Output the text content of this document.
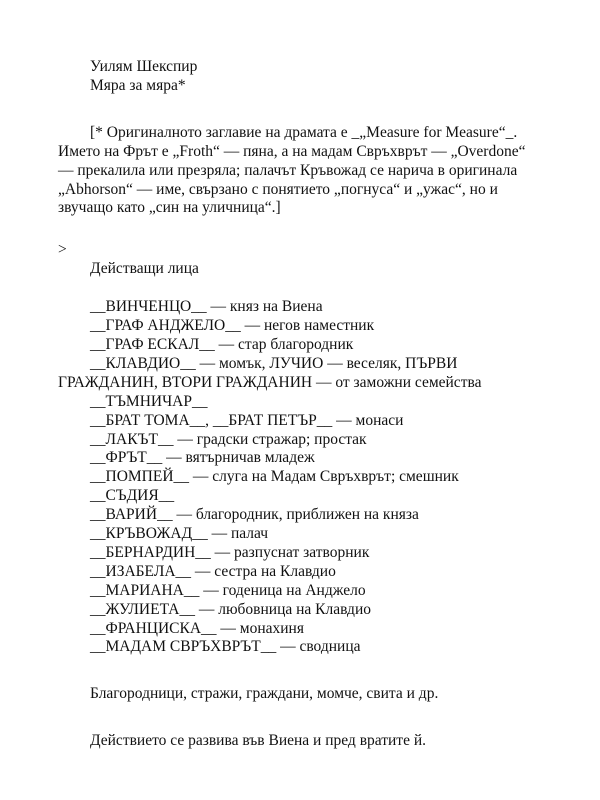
Уилям Шекспир
Мяра за мяра*
[* Оригиналното заглавие на драмата е _„Measure for Measure“_.
Името на Фрът е „Froth“ — пяна, а на мадам Свръхврът — „Overdone“
— прекалила или презряла; палачът Кръвожад се нарича в оригинала
„Abhorson“ — име, свързано с понятието „погнуса“ и „ужас“, но и
звучащо като „син на уличница“.]
>
Действащи лица
__ВИНЧЕНЦО__ — княз на Виена
__ГРАФ АНДЖЕЛО__ — негов наместник
__ГРАФ ЕСКАЛ__ — стар благородник
__КЛАВДИО__ — момък, ЛУЧИО — веселяк, ПЪРВИ
ГРАЖДАНИН, ВТОРИ ГРАЖДАНИН — от заможни семейства
__ТЪМНИЧАР__
__БРАТ ТОМА__, __БРАТ ПЕТЪР__ — монаси
__ЛАКЪТ__ — градски стражар; простак
__ФРЪТ__ — вятърничав младеж
__ПОМПЕЙ__ — слуга на Мадам Свръхврът; смешник
__СЪДИЯ__
__ВАРИЙ__ — благородник, приближен на княза
__КРЪВОЖАД__ — палач
__БЕРНАРДИН__ — разпуснат затворник
__ИЗАБЕЛА__ — сестра на Клавдио
__МАРИАНА__ — годеница на Анджело
__ЖУЛИЕТА__ — любовница на Клавдио
__ФРАНЦИСКА__ — монахиня
__МАДАМ СВРЪХВРЪТ__ — сводница
Благородници, стражи, граждани, момче, свита и др.
Действието се развива във Виена и пред вратите й.
